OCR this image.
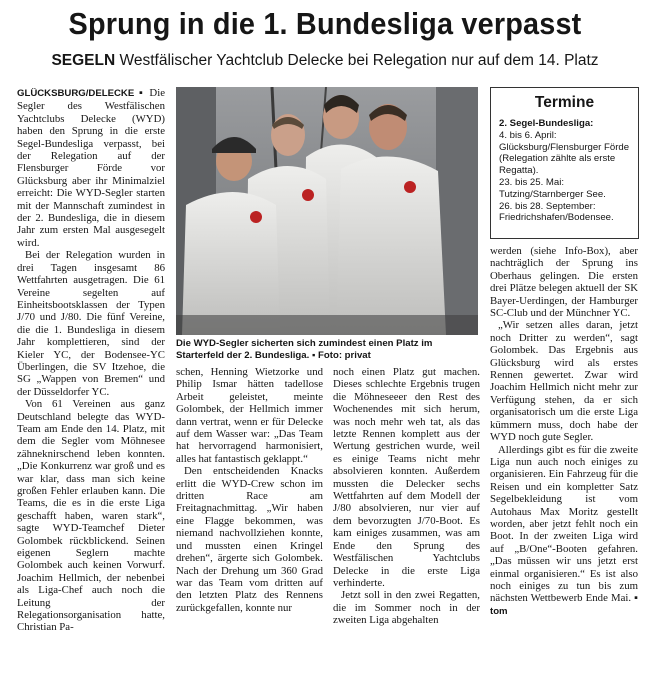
Sprung in die 1. Bundesliga verpasst

SEGELN Westfälischer Yachtclub Delecke bei Relegation nur auf dem 14. Platz

GLÜCKSBURG/DELECKE ▪ Die Segler des Westfälischen Yachtclubs Delecke (WYD) haben den Sprung in die erste Segel-Bundesliga verpasst, bei der Relegation auf der Flensburger Förde vor Glücksburg aber ihr Minimalziel erreicht: Die WYD-Segler starten mit der Mannschaft zumindest in der 2. Bundesliga, die in diesem Jahr zum ersten Mal ausgesegelt wird.

Bei der Relegation wurden in drei Tagen insgesamt 86 Wettfahrten ausgetragen. Die 61 Vereine segelten auf Einheitsbootsklassen der Typen J/70 und J/80. Die fünf Vereine, die die 1. Bundesliga in diesem Jahr komplettieren, sind der Kieler YC, der Bodensee-YC Überlingen, die SV Itzehoe, die SG „Wappen von Bremen“ und der Düsseldorfer YC.

Von 61 Vereinen aus ganz Deutschland belegte das WYD-Team am Ende den 14. Platz, mit dem die Segler vom Möhnesee zähneknirschend leben konnten. „Die Konkurrenz war groß und es war klar, dass man sich keine großen Fehler erlauben kann. Die Teams, die es in die erste Liga geschafft haben, waren stark“, sagte WYD-Teamchef Dieter Golombek rückblickend. Seinen eigenen Seglern machte Golombek auch keinen Vorwurf. Joachim Hellmich, der nebenbei als Liga-Chef auch noch die Leitung der Relegationsorganisation hatte, Christian Pa-

Die WYD-Segler sicherten sich zumindest einen Platz im Starterfeld der 2. Bundesliga. ▪ Foto: privat
Termine
2. Segel-Bundesliga:
4. bis 6. April: Glücksburg/Flensburger Förde (Relegation zählte als erste Regatta).
23. bis 25. Mai: Tutzing/Starnberger See.
26. bis 28. September: Friedrichshafen/Bodensee.

schen, Henning Wietzorke und Philip Ismar hätten tadellose Arbeit geleistet, meinte Golombek, der Hellmich immer dann vertrat, wenn er für Delecke auf dem Wasser war: „Das Team hat hervorragend harmonisiert, alles hat fantastisch geklappt.“

Den entscheidenden Knacks erlitt die WYD-Crew schon im dritten Race am Freitagnachmittag. „Wir haben eine Flagge bekommen, was niemand nachvollziehen konnte, und mussten einen Kringel drehen“, ärgerte sich Golombek. Nach der Drehung um 360 Grad war das Team vom dritten auf den letzten Platz des Rennens zurückgefallen, konnte nur

noch einen Platz gut machen. Dieses schlechte Ergebnis trugen die Möhneseeer den Rest des Wochenendes mit sich herum, was noch mehr weh tat, als das letzte Rennen komplett aus der Wertung gestrichen wurde, weil es einige Teams nicht mehr absolvieren konnten. Außerdem mussten die Delecker sechs Wettfahrten auf dem Modell der J/80 absolvieren, nur vier auf dem bevorzugten J/70-Boot. Es kam einiges zusammen, was am Ende den Sprung des Westfälischen Yachtclubs Delecke in die erste Liga verhinderte.

Jetzt soll in den zwei Regatten, die im Sommer noch in der zweiten Liga abgehalten

werden (siehe Info-Box), aber nachträglich der Sprung ins Oberhaus gelingen. Die ersten drei Plätze belegen aktuell der SK Bayer-Uerdingen, der Hamburger SC-Club und der Münchner YC.

„Wir setzen alles daran, jetzt noch Dritter zu werden“, sagt Golombek. Das Ergebnis aus Glücksburg wird als erstes Rennen gewertet. Zwar wird Joachim Hellmich nicht mehr zur Verfügung stehen, da er sich organisatorisch um die erste Liga kümmern muss, doch habe der WYD noch gute Segler.

Allerdings gibt es für die zweite Liga nun auch noch einiges zu organisieren. Ein Fahrzeug für die Reisen und ein kompletter Satz Segelbekleidung ist vom Autohaus Max Moritz gestellt worden, aber jetzt fehlt noch ein Boot. In der zweiten Liga wird auf „B/One“-Booten gefahren. „Das müssen wir uns jetzt erst einmal organisieren.“ Es ist also noch einiges zu tun bis zum nächsten Wettbewerb Ende Mai. ▪ tom
